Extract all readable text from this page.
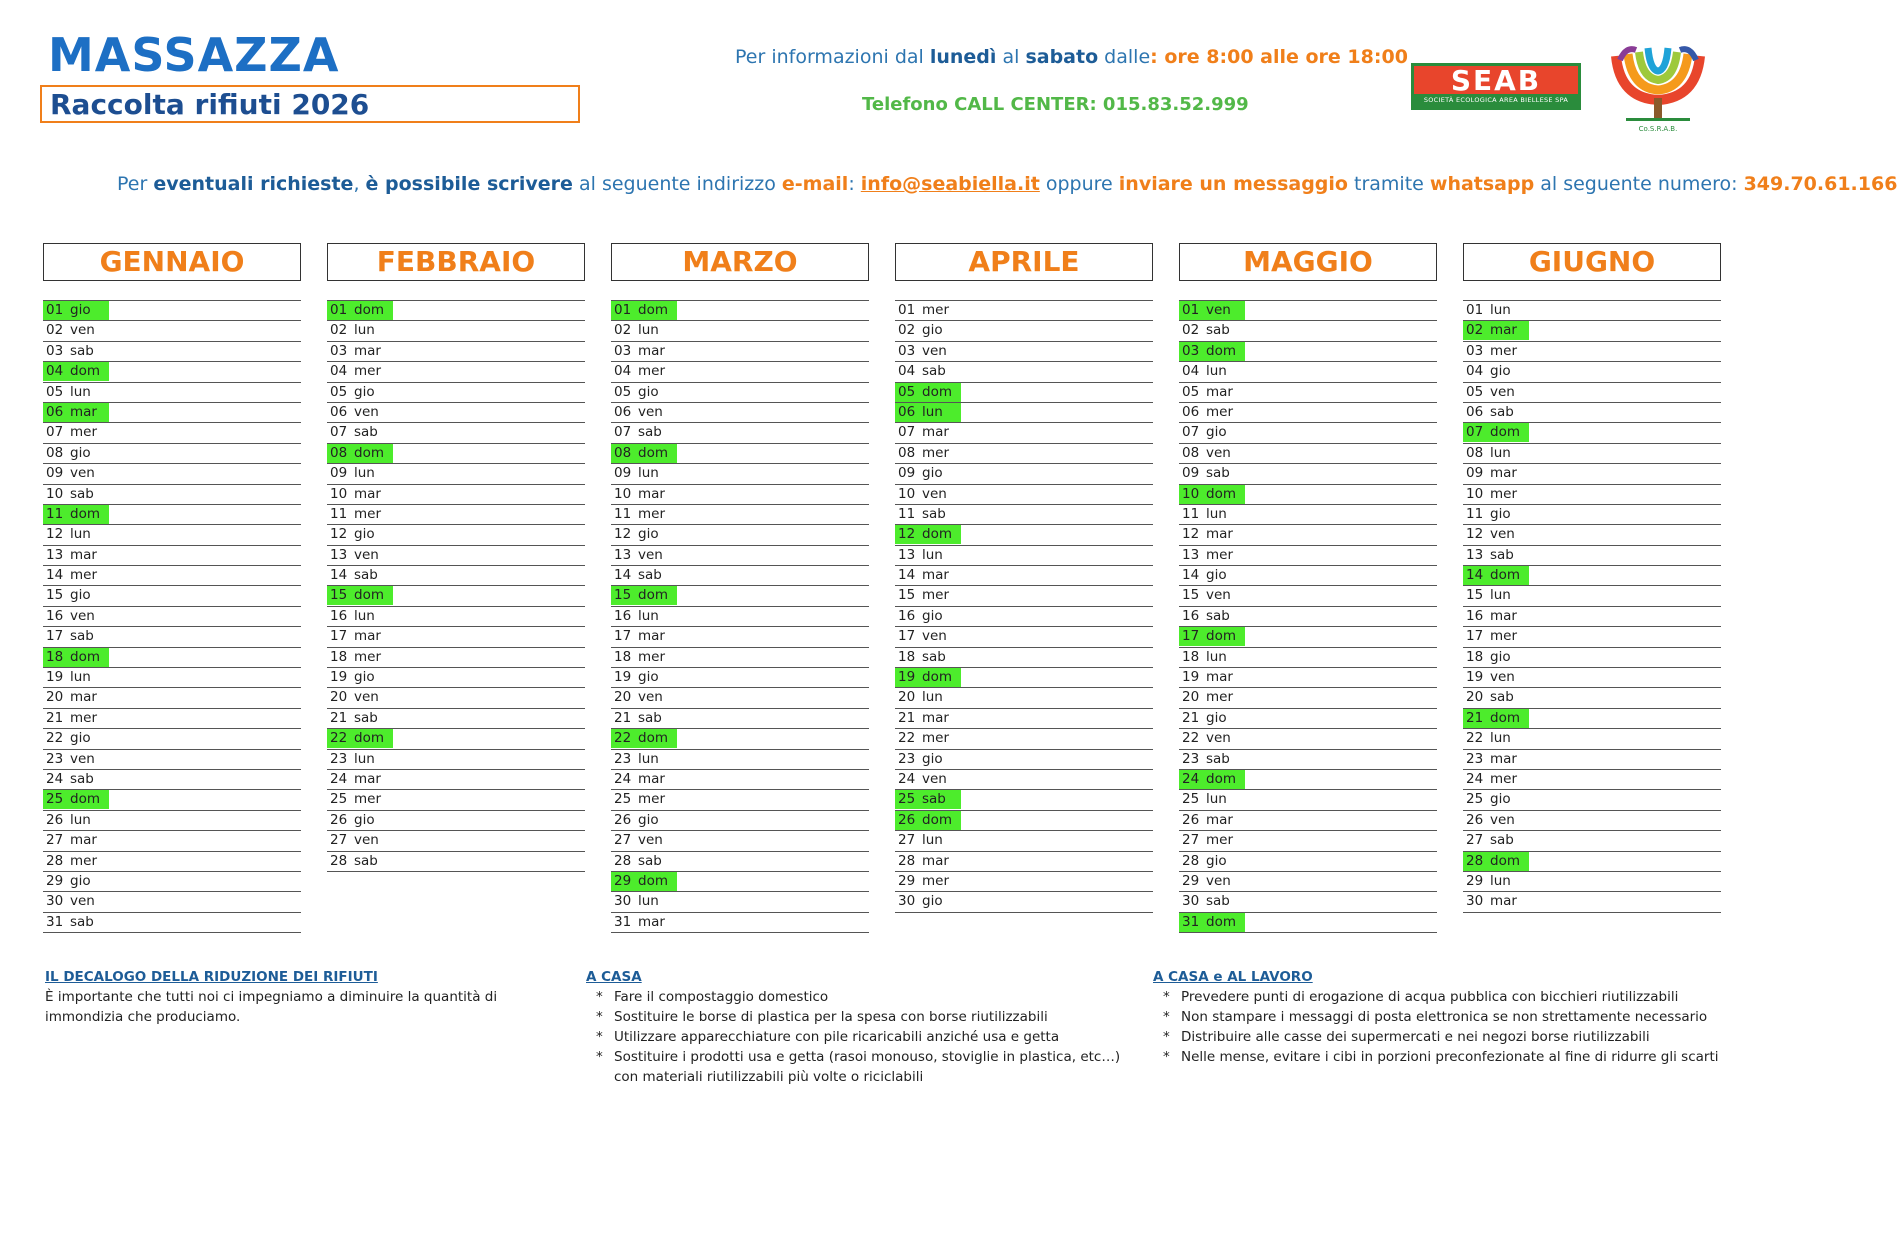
MASSAZZA
Raccolta rifiuti 2026
Per informazioni dal lunedì al sabato dalle: ore 8:00 alle ore 18:00
Telefono CALL CENTER: 015.83.52.999
SEAB
SOCIETÀ ECOLOGICA AREA BIELLESE SPA
Co.S.R.A.B.
Per eventuali richieste, è possibile scrivere al seguente indirizzo e-mail: info@seabiella.it oppure inviare un messaggio tramite whatsapp al seguente numero: 349.70.61.166
GENNAIO
01 gio
02 ven
03 sab
04 dom
05 lun
06 mar
07 mer
08 gio
09 ven
10 sab
11 dom
12 lun
13 mar
14 mer
15 gio
16 ven
17 sab
18 dom
19 lun
20 mar
21 mer
22 gio
23 ven
24 sab
25 dom
26 lun
27 mar
28 mer
29 gio
30 ven
31 sab
FEBBRAIO
01 dom
02 lun
03 mar
04 mer
05 gio
06 ven
07 sab
08 dom
09 lun
10 mar
11 mer
12 gio
13 ven
14 sab
15 dom
16 lun
17 mar
18 mer
19 gio
20 ven
21 sab
22 dom
23 lun
24 mar
25 mer
26 gio
27 ven
28 sab
MARZO
01 dom
02 lun
03 mar
04 mer
05 gio
06 ven
07 sab
08 dom
09 lun
10 mar
11 mer
12 gio
13 ven
14 sab
15 dom
16 lun
17 mar
18 mer
19 gio
20 ven
21 sab
22 dom
23 lun
24 mar
25 mer
26 gio
27 ven
28 sab
29 dom
30 lun
31 mar
APRILE
01 mer
02 gio
03 ven
04 sab
05 dom
06 lun
07 mar
08 mer
09 gio
10 ven
11 sab
12 dom
13 lun
14 mar
15 mer
16 gio
17 ven
18 sab
19 dom
20 lun
21 mar
22 mer
23 gio
24 ven
25 sab
26 dom
27 lun
28 mar
29 mer
30 gio
MAGGIO
01 ven
02 sab
03 dom
04 lun
05 mar
06 mer
07 gio
08 ven
09 sab
10 dom
11 lun
12 mar
13 mer
14 gio
15 ven
16 sab
17 dom
18 lun
19 mar
20 mer
21 gio
22 ven
23 sab
24 dom
25 lun
26 mar
27 mer
28 gio
29 ven
30 sab
31 dom
GIUGNO
01 lun
02 mar
03 mer
04 gio
05 ven
06 sab
07 dom
08 lun
09 mar
10 mer
11 gio
12 ven
13 sab
14 dom
15 lun
16 mar
17 mer
18 gio
19 ven
20 sab
21 dom
22 lun
23 mar
24 mer
25 gio
26 ven
27 sab
28 dom
29 lun
30 mar
IL DECALOGO DELLA RIDUZIONE DEI RIFIUTI
È importante che tutti noi ci impegniamo a diminuire la quantità di immondizia che produciamo.
A CASA
* Fare il compostaggio domestico
* Sostituire le borse di plastica per la spesa con borse riutilizzabili
* Utilizzare apparecchiature con pile ricaricabili anziché usa e getta
* Sostituire i prodotti usa e getta (rasoi monouso, stoviglie in plastica, etc…) con materiali riutilizzabili più volte o riciclabili
A CASA e AL LAVORO
* Prevedere punti di erogazione di acqua pubblica con bicchieri riutilizzabili
* Non stampare i messaggi di posta elettronica se non strettamente necessario
* Distribuire alle casse dei supermercati e nei negozi borse riutilizzabili
* Nelle mense, evitare i cibi in porzioni preconfezionate al fine di ridurre gli scarti
